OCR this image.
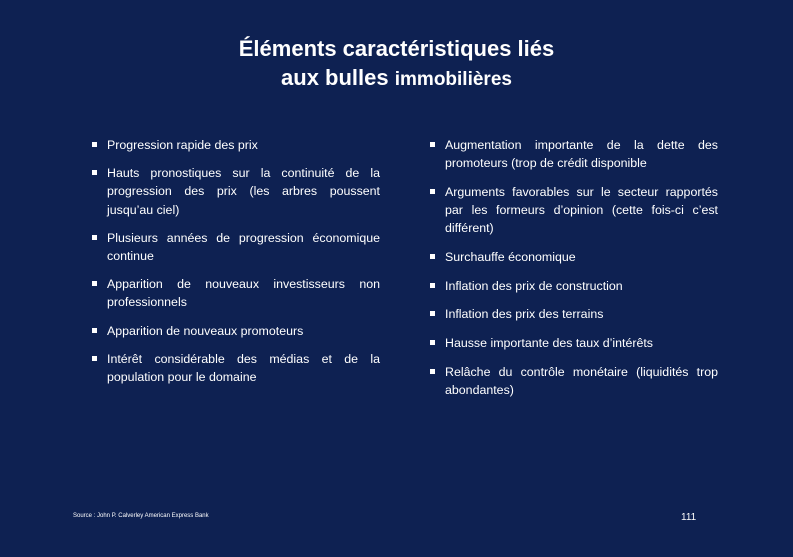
Éléments caractéristiques liés
aux bulles immobilières
Progression rapide des prix
Hauts pronostiques sur la continuité de la progression des prix (les arbres poussent jusqu’au ciel)
Plusieurs années de progression économique continue
Apparition de nouveaux investisseurs non professionnels
Apparition de nouveaux promoteurs
Intérêt considérable des médias et de la population pour le domaine
Augmentation importante de la dette des promoteurs (trop de crédit disponible
Arguments favorables sur le secteur rapportés par les formeurs d’opinion (cette fois-ci c’est différent)
Surchauffe économique
Inflation des prix de construction
Inflation des prix des terrains
Hausse importante des taux d’intérêts
Relâche du contrôle monétaire (liquidités trop abondantes)
Source : John P. Calverley American Express Bank	111
